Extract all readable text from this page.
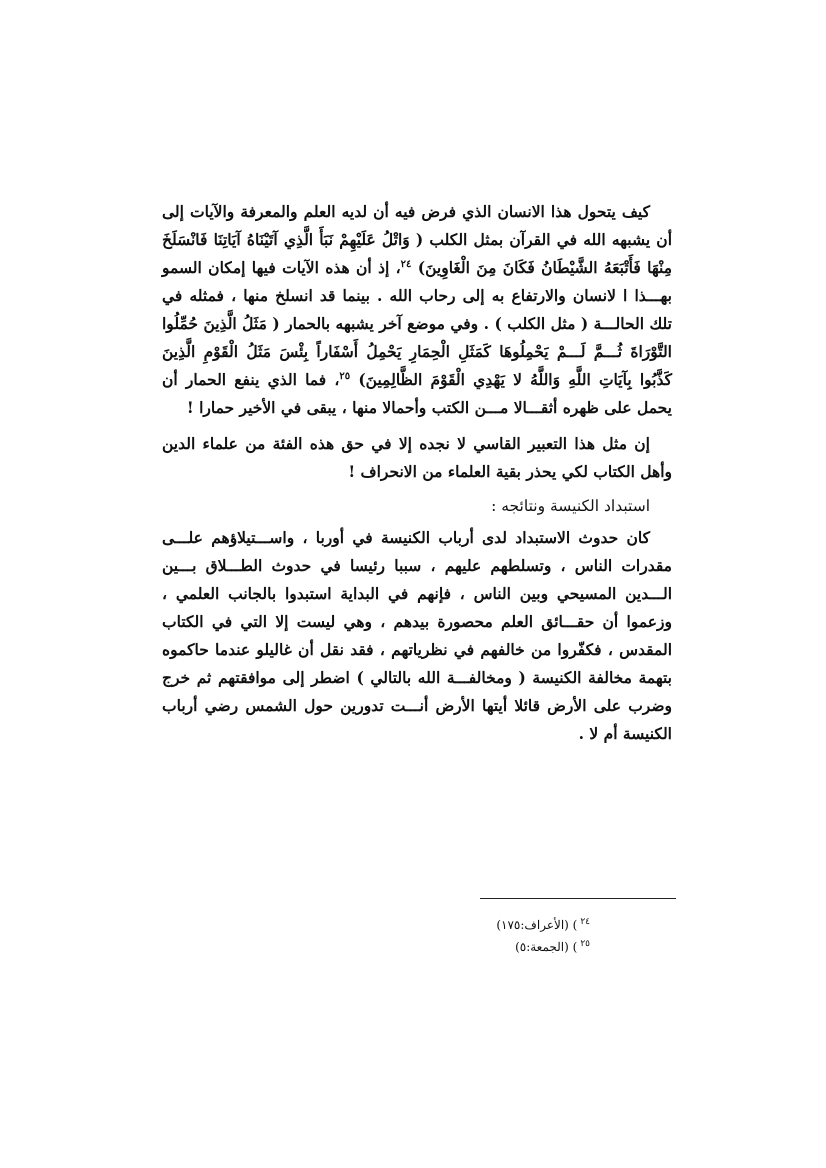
كيف يتحول هذا الانسان الذي فرض فيه أن لديه العلم والمعرفة والآيات إلى أن يشبهه الله في القرآن بمثل الكلب ( وَاتْلُ عَلَيْهِمْ نَبَأَ الَّذِي آتَيْنَاهُ آيَاتِنَا فَانْسَلَخَ مِنْهَا فَأَتْبَعَهُ الشَّيْطَانُ فَكَانَ مِنَ الْغَاوِينَ) $^{٢٤}$، إذ أن هذه الآيات فيها إمكان السمو بهـــذا ا لانسان والارتفاع به إلى رحاب الله . بينما قد انسلخ منها ، فمثله في تلك الحالـــة ( مثل الكلب ) . وفي موضع آخر يشبهه بالحمار ( مَثَلُ الَّذِينَ حُمِّلُوا التَّوْرَاةَ ثُـــمَّ لَـــمْ يَحْمِلُوهَا كَمَثَلِ الْحِمَارِ يَحْمِلُ أَسْفَاراً بِئْسَ مَثَلُ الْقَوْمِ الَّذِينَ كَذَّبُوا بِآيَاتِ اللَّهِ وَاللَّهُ لا يَهْدِي الْقَوْمَ الظَّالِمِينَ) $^{٢٥}$، فما الذي ينفع الحمار أن يحمل على ظهره أثقـــالا مـــن الكتب وأحمالا منها ، يبقى في الأخير حمارا !

إن مثل هذا التعبير القاسي لا نجده إلا في حق هذه الفئة من علماء الدين وأهل الكتاب لكي يحذر بقية العلماء من الانحراف !

استبداد الكنيسة ونتائجه :

كان حدوث الاستبداد لدى أرباب الكنيسة في أوربا ، واســـتيلاؤهم علـــى مقدرات الناس ، وتسلطهم عليهم ، سببا رئيسا في حدوث الطـــلاق بـــين الـــدين المسيحي وبين الناس ، فإنهم في البداية استبدوا بالجانب العلمي ، وزعموا أن حقـــائق العلم محصورة بيدهم ، وهي ليست إلا التي في الكتاب المقدس ، فكفّروا من خالفهم في نظرياتهم ، فقد نقل أن غاليلو عندما حاكموه بتهمة مخالفة الكنيسة ( ومخالفـــة الله بالتالي ) اضطر إلى موافقتهم ثم خرج وضرب على الأرض قائلا أيتها الأرض أنـــت تدورين حول الشمس رضي أرباب الكنيسة أم لا .

$^{٢٤}$) (الأعراف:١٧٥)

$^{٢٥}$) (الجمعة:٥)
